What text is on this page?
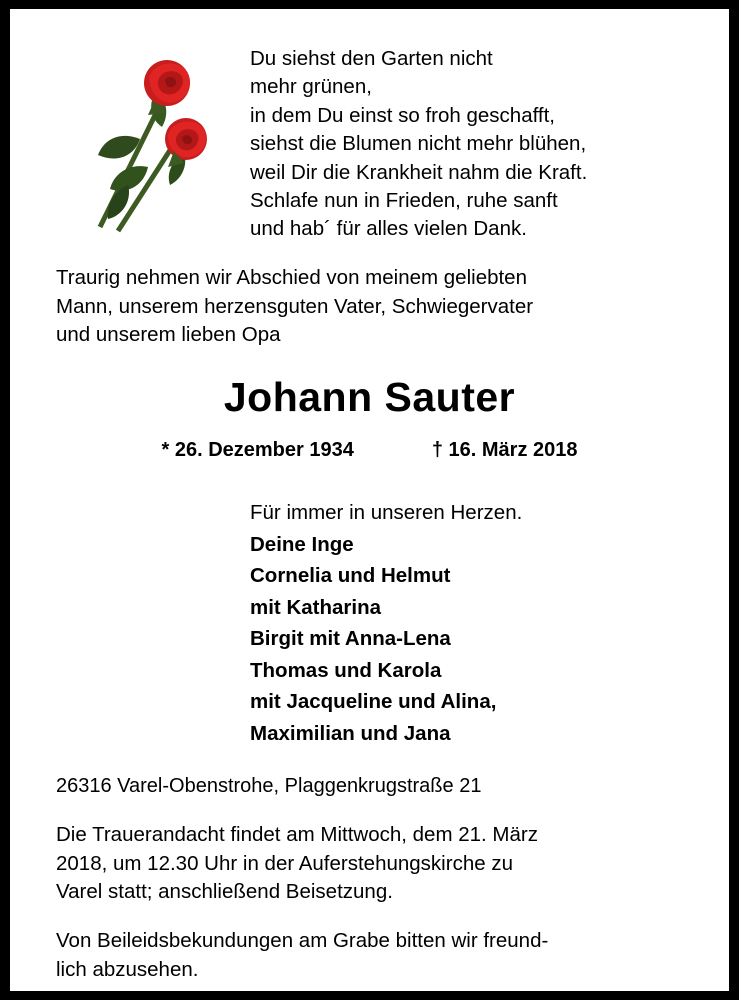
Du siehst den Garten nicht
mehr grünen,
in dem Du einst so froh geschafft,
siehst die Blumen nicht mehr blühen,
weil Dir die Krankheit nahm die Kraft.
Schlafe nun in Frieden, ruhe sanft
und hab´ für alles vielen Dank.
Traurig nehmen wir Abschied von meinem geliebten
Mann, unserem herzensguten Vater, Schwiegervater
und unserem lieben Opa
Johann Sauter
* 26. Dezember 1934	† 16. März 2018
Für immer in unseren Herzen.
Deine Inge
Cornelia und Helmut
mit Katharina
Birgit mit Anna-Lena
Thomas und Karola
mit Jacqueline und Alina,
Maximilian und Jana
26316 Varel-Obenstrohe, Plaggenkrugstraße 21
Die Trauerandacht findet am Mittwoch, dem 21. März
2018, um 12.30 Uhr in der Auferstehungskirche zu
Varel statt; anschließend Beisetzung.
Von Beileidsbekundungen am Grabe bitten wir freund-
lich abzusehen.
